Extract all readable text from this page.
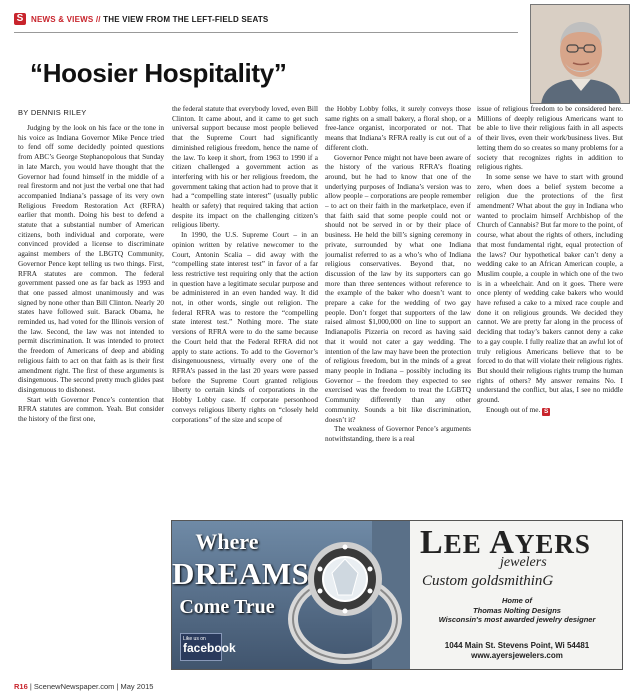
S NEWS & VIEWS // THE VIEW FROM THE LEFT-FIELD SEATS
“Hoosier Hospitality”
BY DENNIS RILEY

Judging by the look on his face or the tone in his voice as Indiana Governor Mike Pence tried to fend off some decidedly pointed questions from ABC’s George Stephanopolous that Sunday in late March, you would have thought that the Governor had found himself in the middle of a real firestorm and not just the verbal one that had accompanied Indiana’s passage of its very own Religious Freedom Restoration Act (RFRA) earlier that month. Doing his best to defend a statute that a substantial number of American citizens, both individual and corporate, were convinced provided a license to discriminate against members of the LBGTQ Community, Governor Pence kept telling us two things. First, RFRA statutes are common. The federal government passed one as far back as 1993 and that one passed almost unanimously and was signed by none other than Bill Clinton. Nearly 20 states have followed suit. Barack Obama, he reminded us, had voted for the Illinois version of the law. Second, the law was not intended to permit discrimination. It was intended to protect the freedom of Americans of deep and abiding religious faith to act on that faith as is their first amendment right. The first of these arguments is disingenuous. The second pretty much glides past disingenuous to dishonest.

Start with Governor Pence’s contention that RFRA statutes are common. Yeah. But consider the history of the first one,

the federal statute that everybody loved, even Bill Clinton. It came about, and it came to get such universal support because most people believed that the Supreme Court had significantly diminished religious freedom, hence the name of the law. To keep it short, from 1963 to 1990 if a citizen challenged a government action as interfering with his or her religious freedom, the government taking that action had to prove that it had a “compelling state interest” (usually public health or safety) that required taking that action despite its impact on the challenging citizen’s religious liberty.

In 1990, the U.S. Supreme Court – in an opinion written by relative newcomer to the Court, Antonin Scalia – did away with the “compelling state interest test” in favor of a far less restrictive test requiring only that the action in question have a legitimate secular purpose and be administered in an even handed way. It did not, in other words, single out religion. The federal RFRA was to restore the “compelling state interest test.” Nothing more. The state versions of RFRA were to do the same because the Court held that the Federal RFRA did not apply to state actions. To add to the Governor’s disingenuousness, virtually every one of the RFRA’s passed in the last 20 years were passed before the Supreme Court granted religious liberty to certain kinds of corporations in the Hobby Lobby case. If corporate personhood conveys religious liberty rights on “closely held corporations” of the size and scope of

the Hobby Lobby folks, it surely conveys those same rights on a small bakery, a floral shop, or a free-lance organist, incorporated or not. That means that Indiana’s RFRA really is cut out of a different cloth.

Governor Pence might not have been aware of the history of the various RFRA’s floating around, but he had to know that one of the underlying purposes of Indiana’s version was to allow people – corporations are people remember – to act on their faith in the marketplace, even if that faith said that some people could not or should not be served in or by their place of business. He held the bill’s signing ceremony in private, surrounded by what one Indiana journalist referred to as a who’s who of Indiana religious conservatives. Beyond that, no discussion of the law by its supporters can go more than three sentences without reference to the example of the baker who doesn’t want to prepare a cake for the wedding of two gay people. Don’t forget that supporters of the law raised almost $1,000,000 on line to support an Indianapolis Pizzeria on record as having said that it would not cater a gay wedding. The intention of the law may have been the protection of religious freedom, but in the minds of a great many people in Indiana – possibly including its Governor – the freedom they expected to see exercised was the freedom to treat the LGBTQ Community differently than any other community. Sounds a bit like discrimination, doesn’t it?

The weakness of Governor Pence’s arguments notwithstanding, there is a real

issue of religious freedom to be considered here. Millions of deeply religious Americans want to be able to live their religious faith in all aspects of their lives, even their work/business lives. But letting them do so creates so many problems for a society that recognizes rights in addition to religious rights.

In some sense we have to start with ground zero, when does a belief system become a religion due the protections of the first amendment? What about the guy in Indiana who wanted to proclaim himself Archbishop of the Church of Cannabis? But far more to the point, of course, what about the rights of others, including that most fundamental right, equal protection of the laws? Our hypothetical baker can’t deny a wedding cake to an African American couple, a Muslim couple, a couple in which one of the two is in a wheelchair. And on it goes. There were once plenty of wedding cake bakers who would have refused a cake to a mixed race couple and done it on religious grounds. We decided they cannot. We are pretty far along in the process of deciding that today’s bakers cannot deny a cake to a gay couple. I fully realize that an awful lot of truly religious Americans believe that to be forced to do that will violate their religious rights. But should their religious rights trump the human rights of others? My answer remains No. I understand the conflict, but alas, I see no middle ground.

Enough out of me. S

Where
DREAMS
Come True
Like us on
facebook
LEE AYERS
jewelers
Custom goldsmithinG
Home of
Thomas Nolting Designs
Wisconsin's most awarded jewelry designer
1044 Main St. Stevens Point, Wi 54481
www.ayersjewelers.com
R16 | ScenewNewspaper.com | May 2015
